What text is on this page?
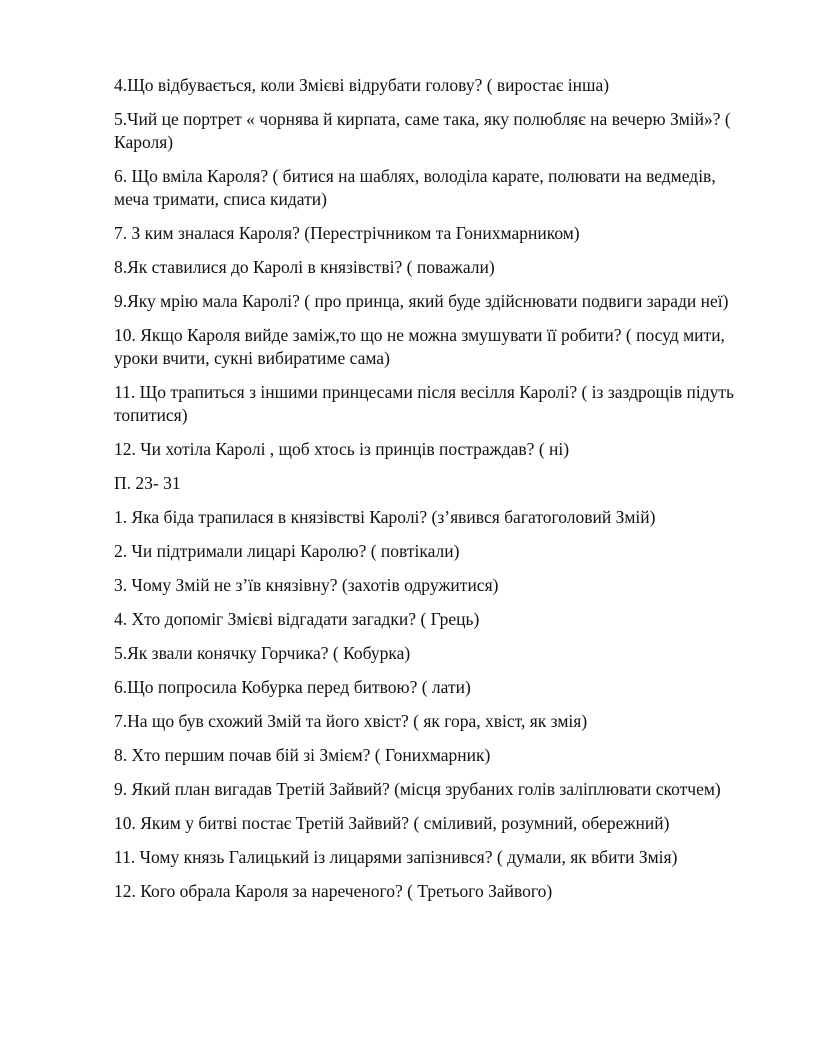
4.Що відбувається, коли Змієві відрубати голову? ( виростає інша)

5.Чий це портрет « чорнява й кирпата, саме така, яку полюбляє на вечерю Змій»? ( Кароля)

6. Що вміла Кароля? ( битися на шаблях, володіла карате, полювати на ведмедів, меча тримати, списа кидати)

7. З ким зналася Кароля? (Перестрічником та Гонихмарником)

8.Як ставилися до Каролі в князівстві? ( поважали)

9.Яку мрію мала Каролі? ( про принца, який буде здійснювати подвиги заради неї)

10. Якщо Кароля вийде заміж,то що не можна змушувати її робити? ( посуд мити, уроки вчити, сукні вибиратиме сама)

11. Що трапиться з іншими принцесами після весілля Каролі? ( із заздрощів підуть топитися)

12. Чи хотіла Каролі , щоб хтось із принців постраждав? ( ні)

П. 23- 31

1. Яка біда трапилася в князівстві Каролі? (з’явився багатоголовий Змій)

2. Чи підтримали лицарі Каролю? ( повтікали)

3. Чому Змій не з’їв князівну? (захотів одружитися)

4. Хто допоміг Змієві відгадати загадки? ( Грець)

5.Як звали конячку Горчика? ( Кобурка)

6.Що попросила Кобурка перед битвою? ( лати)

7.На що був схожий Змій та його хвіст? ( як гора, хвіст, як змія)

8. Хто першим почав бій зі Змієм? ( Гонихмарник)

9. Який план вигадав Третій Зайвий? (місця зрубаних голів заліплювати скотчем)

10. Яким у битві постає Третій Зайвий? ( сміливий, розумний, обережний)

11. Чому князь Галицький із лицарями запізнився? ( думали, як вбити Змія)

12. Кого обрала Кароля за нареченого? ( Третього Зайвого)
